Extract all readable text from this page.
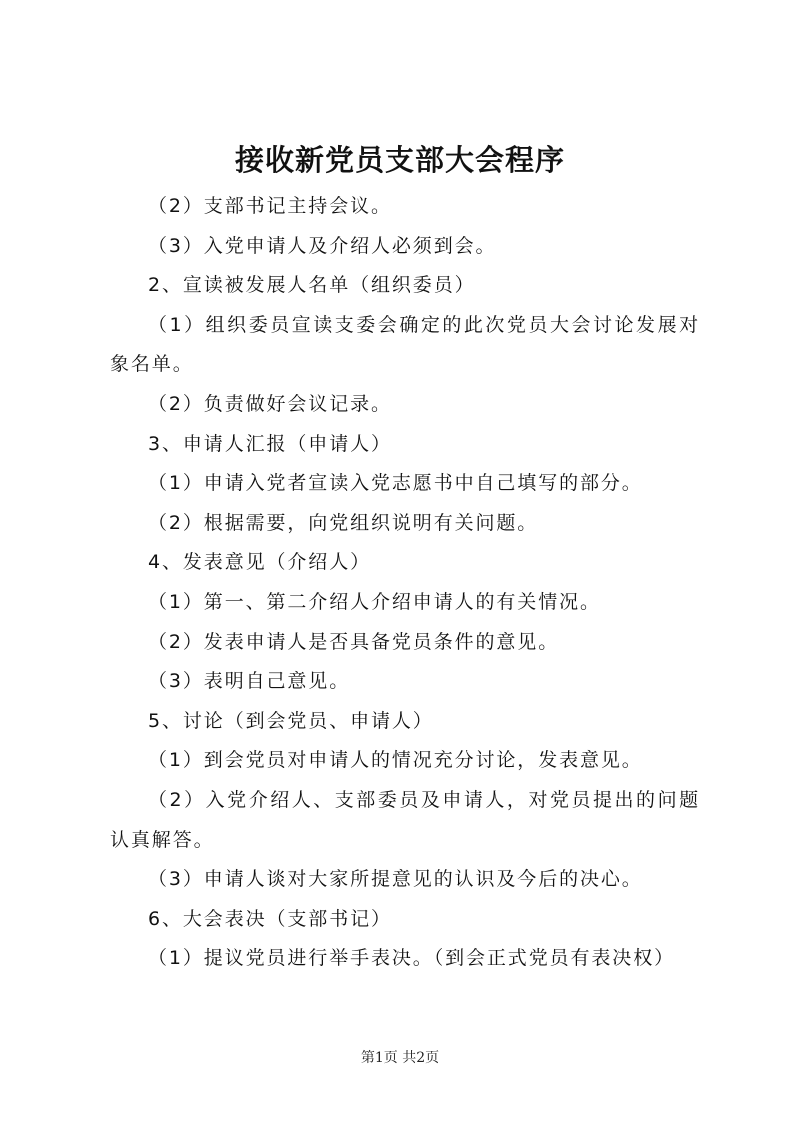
接收新党员支部大会程序

（2）支部书记主持会议。

（3）入党申请人及介绍人必须到会。

2、宣读被发展人名单（组织委员）

（1）组织委员宣读支委会确定的此次党员大会讨论发展对象名单。

（2）负责做好会议记录。

3、申请人汇报（申请人）

（1）申请入党者宣读入党志愿书中自己填写的部分。

（2）根据需要，向党组织说明有关问题。

4、发表意见（介绍人）

（1）第一、第二介绍人介绍申请人的有关情况。

（2）发表申请人是否具备党员条件的意见。

（3）表明自己意见。

5、讨论（到会党员、申请人）

（1）到会党员对申请人的情况充分讨论，发表意见。

（2）入党介绍人、支部委员及申请人，对党员提出的问题认真解答。

（3）申请人谈对大家所提意见的认识及今后的决心。

6、大会表决（支部书记）

（1）提议党员进行举手表决。（到会正式党员有表决权）

第1页 共2页
